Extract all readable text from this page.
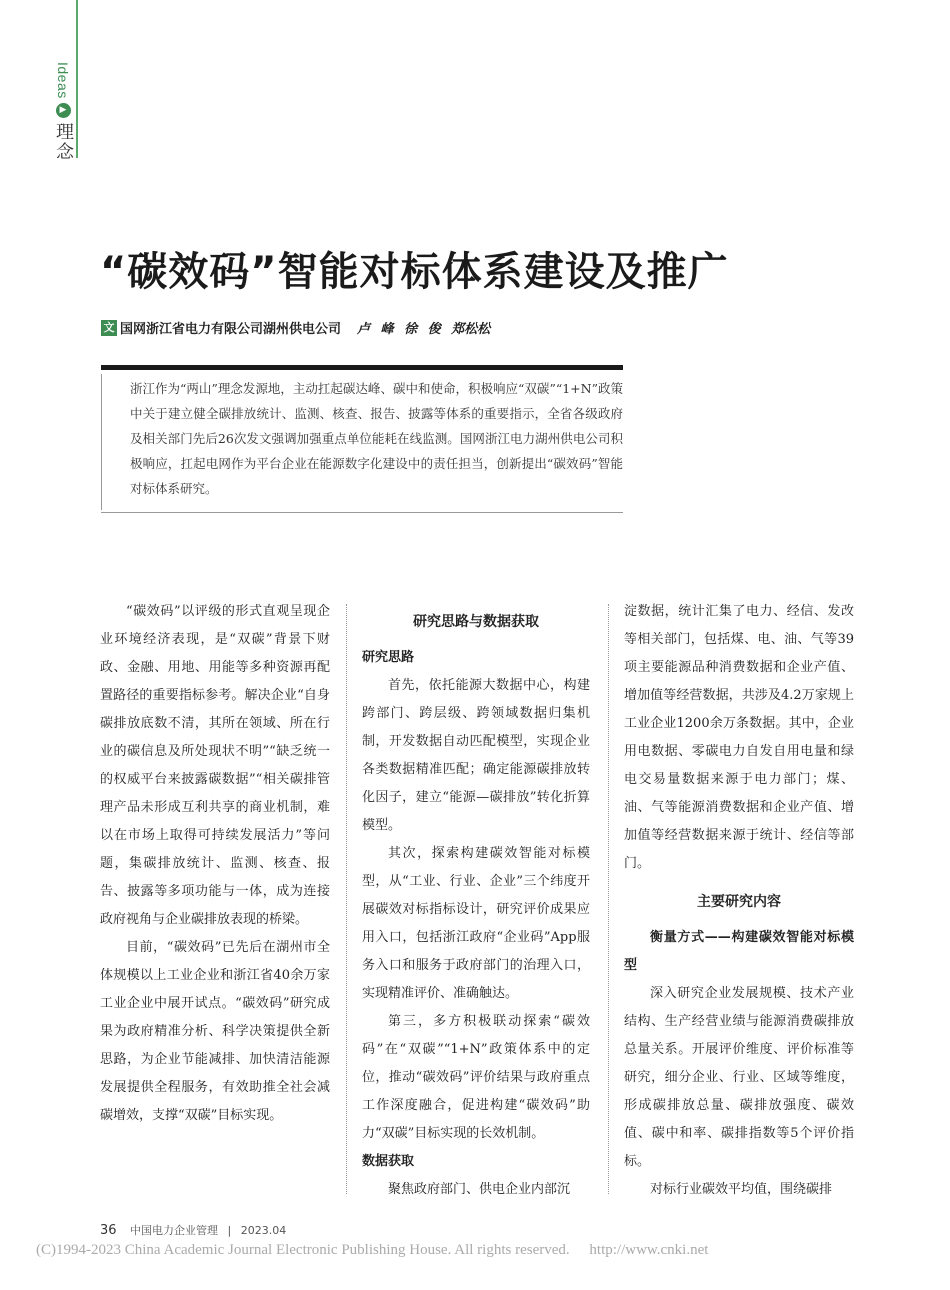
Ideas
▶
理念
“碳效码”智能对标体系建设及推广
文 国网浙江省电力有限公司湖州供电公司 卢 峰 徐 俊 郑松松
浙江作为“两山”理念发源地，主动扛起碳达峰、碳中和使命，积极响应“双碳”“1+N”政策中关于建立健全碳排放统计、监测、核查、报告、披露等体系的重要指示，全省各级政府及相关部门先后26次发文强调加强重点单位能耗在线监测。国网浙江电力湖州供电公司积极响应，扛起电网作为平台企业在能源数字化建设中的责任担当，创新提出“碳效码”智能对标体系研究。

“碳效码”以评级的形式直观呈现企业环境经济表现，是“双碳”背景下财政、金融、用地、用能等多种资源再配置路径的重要指标参考。解决企业“自身碳排放底数不清，其所在领域、所在行业的碳信息及所处现状不明”“缺乏统一的权威平台来披露碳数据”“相关碳排管理产品未形成互利共享的商业机制，难以在市场上取得可持续发展活力”等问题，集碳排放统计、监测、核查、报告、披露等多项功能与一体，成为连接政府视角与企业碳排放表现的桥梁。

目前，“碳效码”已先后在湖州市全体规模以上工业企业和浙江省40余万家工业企业中展开试点。“碳效码”研究成果为政府精准分析、科学决策提供全新思路，为企业节能减排、加快清洁能源发展提供全程服务，有效助推全社会减碳增效，支撑“双碳”目标实现。

研究思路与数据获取

研究思路

首先，依托能源大数据中心，构建跨部门、跨层级、跨领域数据归集机制，开发数据自动匹配模型，实现企业各类数据精准匹配；确定能源碳排放转化因子，建立“能源—碳排放”转化折算模型。

其次，探索构建碳效智能对标模型，从“工业、行业、企业”三个纬度开展碳效对标指标设计，研究评价成果应用入口，包括浙江政府“企业码”App服务入口和服务于政府部门的治理入口，实现精准评价、准确触达。

第三，多方积极联动探索“碳效码”在“双碳”“1+N”政策体系中的定位，推动“碳效码”评价结果与政府重点工作深度融合，促进构建“碳效码”助力“双碳”目标实现的长效机制。

数据获取

聚焦政府部门、供电企业内部沉

淀数据，统计汇集了电力、经信、发改等相关部门，包括煤、电、油、气等39项主要能源品种消费数据和企业产值、增加值等经营数据，共涉及4.2万家规上工业企业1200余万条数据。其中，企业用电数据、零碳电力自发自用电量和绿电交易量数据来源于电力部门；煤、油、气等能源消费数据和企业产值、增加值等经营数据来源于统计、经信等部门。

主要研究内容

衡量方式——构建碳效智能对标模型

深入研究企业发展规模、技术产业结构、生产经营业绩与能源消费碳排放总量关系。开展评价维度、评价标准等研究，细分企业、行业、区域等维度，形成碳排放总量、碳排放强度、碳效值、碳中和率、碳排指数等5个评价指标。

对标行业碳效平均值，围绕碳排

36 中国电力企业管理 | 2023.04
(C)1994-2023 China Academic Journal Electronic Publishing House. All rights reserved. http://www.cnki.net
